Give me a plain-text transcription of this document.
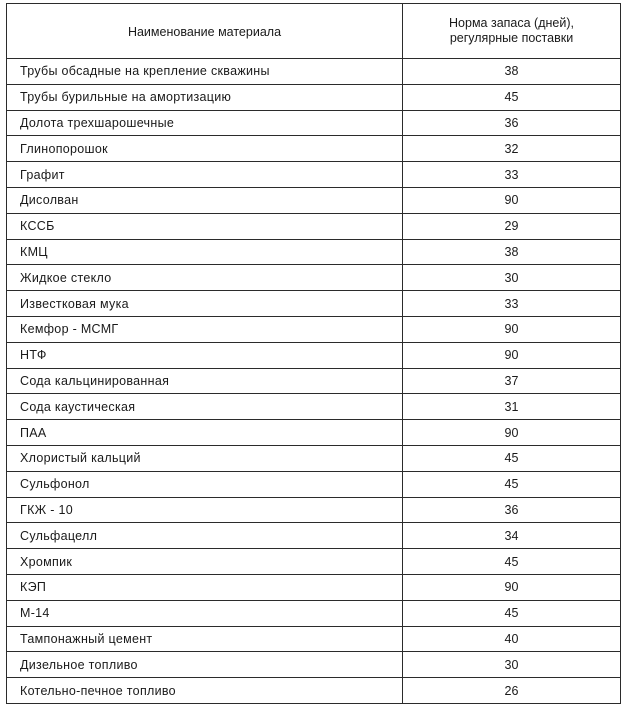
Наименование материала	Норма запаса (дней),
регулярные поставки
Трубы обсадные на крепление скважины	38
Трубы бурильные на амортизацию	45
Долота трехшарошечные	36
Глинопорошок	32
Графит	33
Дисолван	90
КССБ	29
КМЦ	38
Жидкое стекло	30
Известковая мука	33
Кемфор - МСМГ	90
НТФ	90
Сода кальцинированная	37
Сода каустическая	31
ПАА	90
Хлористый кальций	45
Сульфонол	45
ГКЖ - 10	36
Сульфацелл	34
Хромпик	45
КЭП	90
М-14	45
Тампонажный цемент	40
Дизельное топливо	30
Котельно-печное топливо	26
